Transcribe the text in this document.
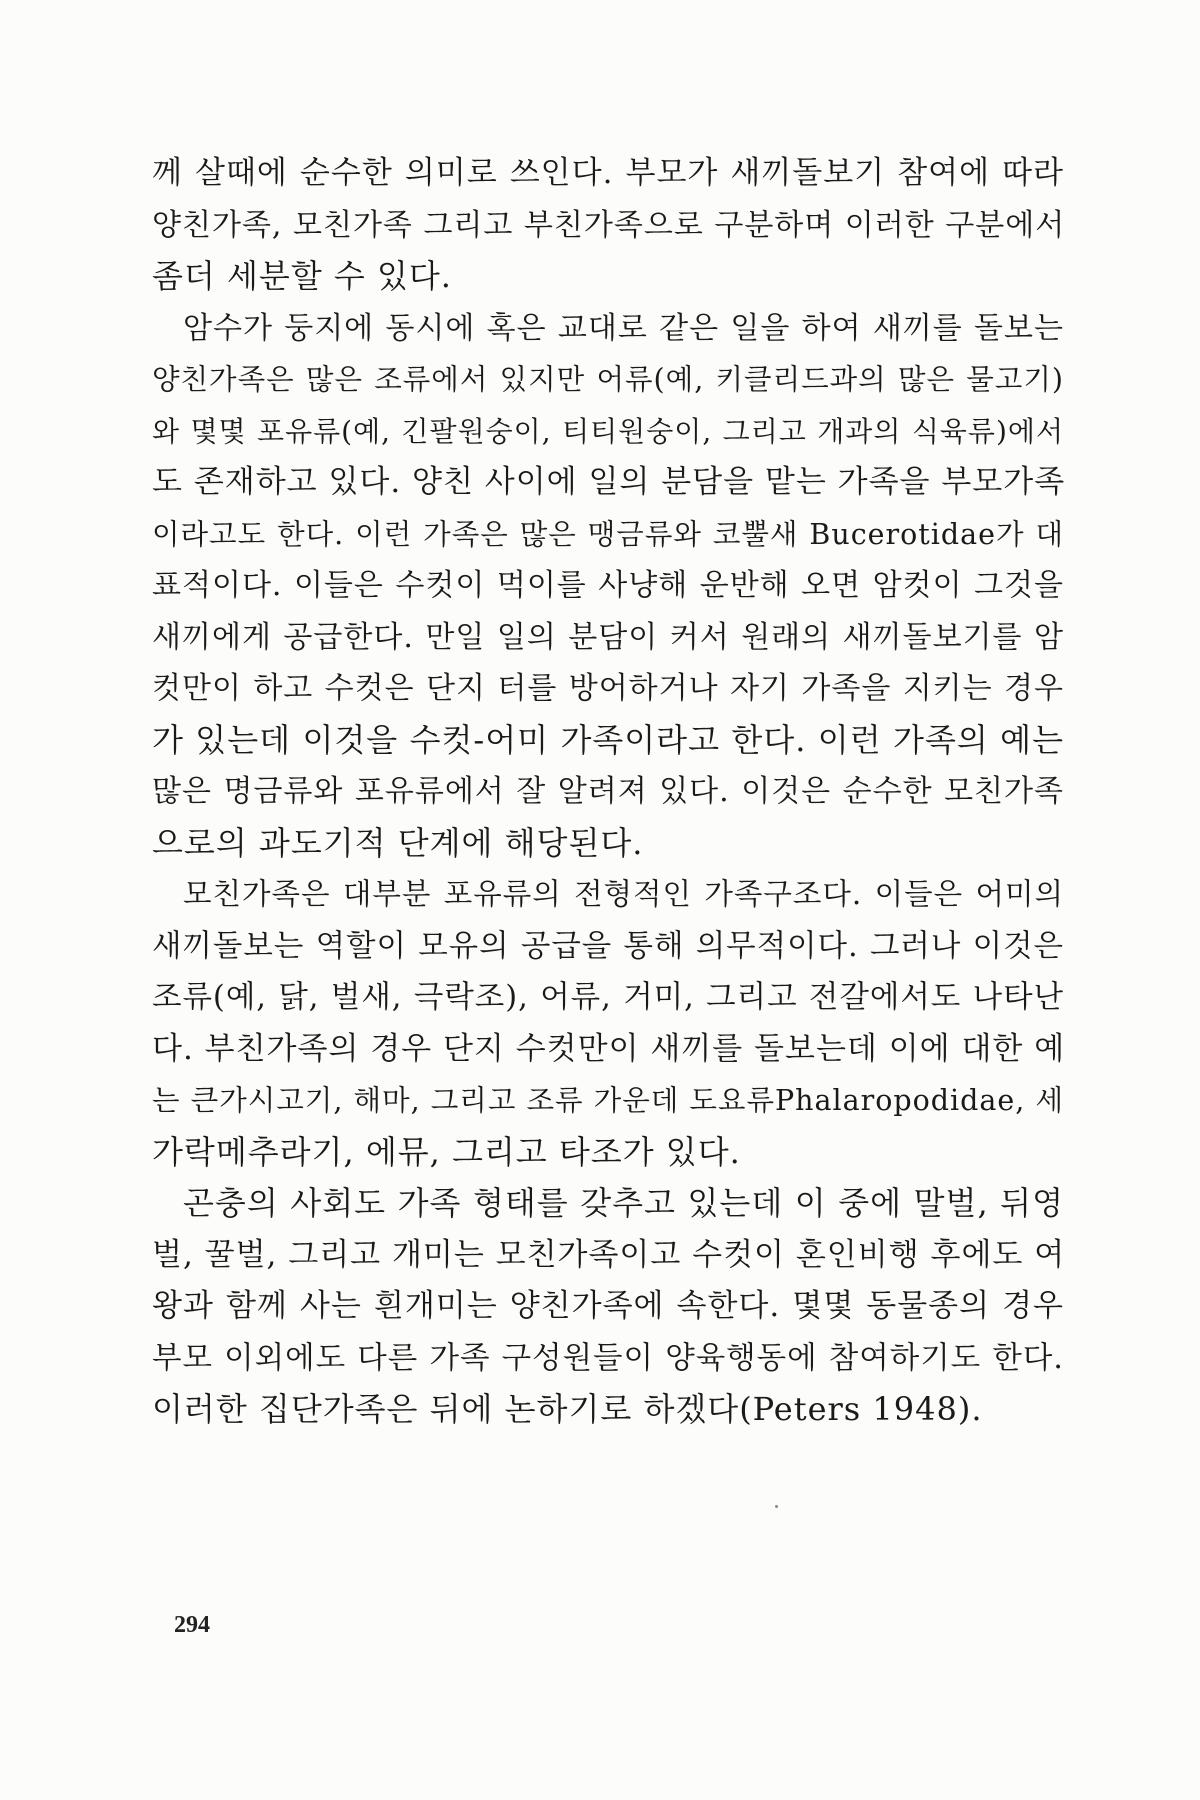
께 살때에 순수한 의미로 쓰인다. 부모가 새끼돌보기 참여에 따라
양친가족, 모친가족 그리고 부친가족으로 구분하며 이러한 구분에서
좀더 세분할 수 있다.
암수가 둥지에 동시에 혹은 교대로 같은 일을 하여 새끼를 돌보는
양친가족은 많은 조류에서 있지만 어류(예, 키클리드과의 많은 물고기)
와 몇몇 포유류(예, 긴팔원숭이, 티티원숭이, 그리고 개과의 식육류)에서
도 존재하고 있다. 양친 사이에 일의 분담을 맡는 가족을 부모가족
이라고도 한다. 이런 가족은 많은 맹금류와 코뿔새 Bucerotidae가 대
표적이다. 이들은 수컷이 먹이를 사냥해 운반해 오면 암컷이 그것을
새끼에게 공급한다. 만일 일의 분담이 커서 원래의 새끼돌보기를 암
컷만이 하고 수컷은 단지 터를 방어하거나 자기 가족을 지키는 경우
가 있는데 이것을 수컷-어미 가족이라고 한다. 이런 가족의 예는
많은 명금류와 포유류에서 잘 알려져 있다. 이것은 순수한 모친가족
으로의 과도기적 단계에 해당된다.
모친가족은 대부분 포유류의 전형적인 가족구조다. 이들은 어미의
새끼돌보는 역할이 모유의 공급을 통해 의무적이다. 그러나 이것은
조류(예, 닭, 벌새, 극락조), 어류, 거미, 그리고 전갈에서도 나타난
다. 부친가족의 경우 단지 수컷만이 새끼를 돌보는데 이에 대한 예
는 큰가시고기, 해마, 그리고 조류 가운데 도요류Phalaropodidae, 세
가락메추라기, 에뮤, 그리고 타조가 있다.
곤충의 사회도 가족 형태를 갖추고 있는데 이 중에 말벌, 뒤영
벌, 꿀벌, 그리고 개미는 모친가족이고 수컷이 혼인비행 후에도 여
왕과 함께 사는 흰개미는 양친가족에 속한다. 몇몇 동물종의 경우
부모 이외에도 다른 가족 구성원들이 양육행동에 참여하기도 한다.
이러한 집단가족은 뒤에 논하기로 하겠다(Peters 1948).
294
